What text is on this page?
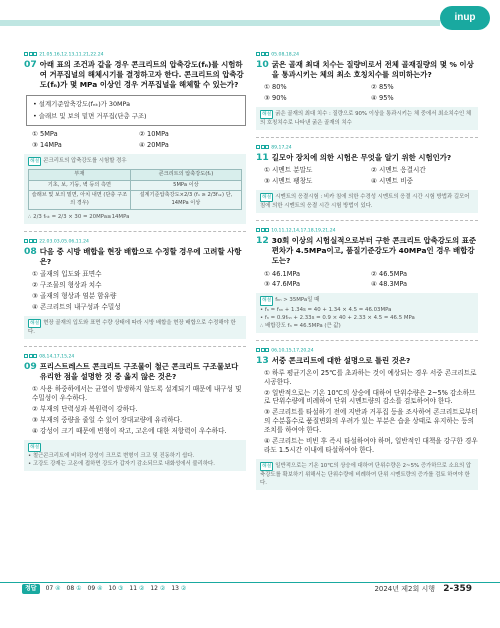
inup
21.05.16,12.13,11.21,22.24
07 아래 표의 조건과 같을 경우 콘크리트의 압축강도(fₙ)를 시험하여 거푸집널의 해체시기를 결정하고자 한다. 콘크리트의 압축강도(fₙ)가 몇 MPa 이상인 경우 거푸집널을 해체할 수 있는가?
• 설계기준압축강도(fₙₖ)가 30MPa
• 슬래브 및 보의 밑면 거푸집(단층 구조)
① 5MPa	② 10MPa
③ 14MPa	④ 20MPa
해설 콘크리트의 압축강도를 시험할 경우
부재	콘크리트의 압축강도(fₙ)
기초, 보, 기둥, 벽 등의 측면	5MPa 이상
슬래브 및 보의 밑면, 아치 내면 (단층 구조의 경우)	설계기준압축강도×2/3 (fₙ ≥ 2/3fₙₖ) 단, 14MPa 이상
∴ 2/3 fₙₖ = 2/3 × 30 = 20MPa≥14MPa
22.03.03,05.06,11.24
08 다음 중 시방 배합을 현장 배합으로 수정할 경우에 고려할 사항은?
① 골재의 입도와 표면수
② 구조물의 형상과 치수
③ 골재의 형상과 염분 함유량
④ 콘크리트의 내구성과 수밀성
해설 현장 골재의 입도와 표면 수량 상태에 따라 시방 배합을 현장 배합으로 수정해야 한다.
08,14,17,15,24
09 프리스트레스트 콘크리트 구조물이 철근 콘크리트 구조물보다 유리한 점을 설명한 것 중 옳지 않은 것은?
① 사용 하중하에서는 균열이 발생하지 않도록 설계되기 때문에 내구성 및 수밀성이 우수하다.
② 부재의 단력성과 복원력이 강하다.
③ 부재의 중량을 줄일 수 있어 장대교량에 유리하다.
④ 강성이 크기 때문에 변형이 작고, 고온에 대한 저항력이 우수하다.
해설
• 철근콘크리트에 비하여 강성이 크므로 변형이 크고 및 진동하기 쉽다.
• 고강도 강재는 고온에 접하면 강도가 갑자기 감소되므로 내화성에서 불리하다.
05.08,18,24
10 굵은 골재 최대 치수는 질량비로서 전체 골재질량의 몇 % 이상을 통과시키는 체의 최소 호칭치수를 의미하는가?
① 80%	② 85%
③ 90%	④ 95%
해설 굵은 골재의 최대 치수 : 질량으로 90% 이상을 통과시키는 체 중에서 최소치수인 체의 호칭치수로 나타낸 굵은 골재의 치수
89,17,24
11 길모아 장치에 의한 시험은 무엇을 알기 위한 시험인가?
① 시멘트 분말도	② 시멘트 응결시간
③ 시멘트 팽창도	④ 시멘트 비중
해설 시멘트의 응결시험 : 비카 침에 의한 수경성 시멘트의 응결 시간 시험 방법과 길모어 침에 의한 시멘트의 응결 시간 시험 방법이 있다.
10,11,12,14,17,18,19,21,24
12 30회 이상의 시험실적으로부터 구한 콘크리트 압축강도의 표준편차가 4.5MPa이고, 품질기준강도가 40MPa인 경우 배합강도는?
① 46.1MPa	② 46.5MPa
③ 47.6MPa	④ 48.3MPa
해설 fₙₙ > 35MPa일 때
• fₙ = fₙₙ + 1.34s = 40 + 1.34 × 4.5 = 46.03MPa
• fₙ = 0.9fₙₙ + 2.33s = 0.9 × 40 + 2.33 × 4.5 = 46.5 MPa
∴ 배합강도 fₙ = 46.5MPa (큰 값)
06,10,15,17,20,24
13 서중 콘크리트에 대한 설명으로 틀린 것은?
① 하루 평균기온이 25℃를 초과하는 것이 예상되는 경우 서중 콘크리트로 시공한다.
② 일반적으로는 기온 10℃의 상승에 대하여 단위수량은 2~5% 감소하므로 단위수량에 비례하여 단위 시멘트량의 감소를 검토하여야 한다.
③ 콘크리트를 타설하기 전에 지반과 거푸집 등을 조사하여 콘크리트로부터의 수분흡수로 품질변화의 우려가 있는 부분은 습윤 상태로 유지하는 등의 조치를 하여야 한다.
④ 콘크리트는 비빈 후 즉시 타설하여야 하며, 일반적인 대책을 강구한 경우라도 1.5시간 이내에 타설하여야 한다.
해설 일반적으로는 기온 10℃의 상승에 대하여 단위수량은 2~5% 증가하므로 소요의 압축강도를 확보하기 위해서는 단위수량에 비례하여 단위 시멘트량의 증가를 검토 하여야 한다.
정답	07 ④ 08 ① 09 ④ 10 ③ 11 ② 12 ② 13 ②	2024년 제2회 시행 2-359
